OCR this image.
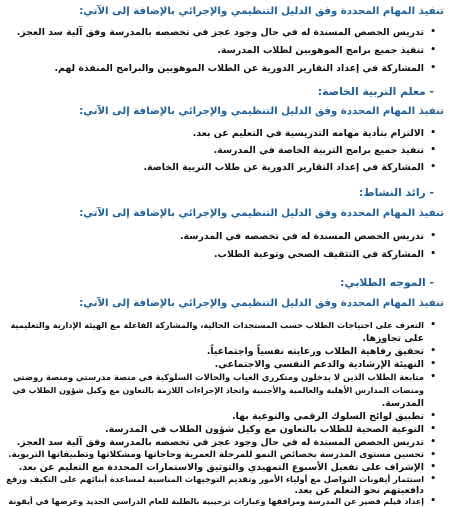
تنفيذ المهام المحددة وفق الدليل التنظيمي والإجرائي بالإضافة إلى الآتي:
•
تدريس الحصص المسندة له في حال وجود عجز في تخصصه بالمدرسة وفق آلية سد العجز.
•
تنفيذ جميع برامج الموهوبين لطلاب المدرسة.
•
المشاركة في إعداد التقارير الدورية عن الطلاب الموهوبين والبرامج المنفذة لهم.
- معلم التربية الخاصة:
تنفيذ المهام المحددة وفق الدليل التنظيمي والإجرائي بالإضافة إلى الآتي:
•
الالتزام بتأدية مهامه التدريسية في التعليم عن بعد.
•
تنفيذ جميع برامج التربية الخاصة في المدرسة.
•
المشاركة في إعداد التقارير الدورية عن طلاب التربية الخاصة.
- رائد النشاط:
تنفيذ المهام المحددة وفق الدليل التنظيمي والإجرائي بالإضافة إلى الآتي:
•
تدريس الحصص المسندة له في تخصصه في المدرسة.
•
المشاركة في التثقيف الصحي وتوعية الطلاب.
- الموجه الطلابي:
تنفيذ المهام المحددة وفق الدليل التنظيمي والإجرائي بالإضافة إلى الآتي:
•
التعرف على احتياجات الطلاب حسب المستجدات الحالية، والمشاركة الفاعلة مع الهيئة الإدارية والتعليمية
على تجاوزها.
•
تحقيق رفاهية الطلاب ورعايته نفسياً واجتماعياً.
•
التهيئة الإرشادية والدعم النفسي والاجتماعي.
•
متابعة الطلاب الذين لا يدخلون ومتكرري الغياب والحالات السلوكية في منصة مدرستي ومنصة روضتي
ومنصات المدارس الأهلية والعالمية والأجنبية واتخاذ الإجراءات اللازمة بالتعاون مع وكيل شؤون الطلاب في
المدرسة.
•
تطبيق لوائح السلوك الرقمي والتوعية بها.
•
التوعية الصحية للطلاب بالتعاون مع وكيل شؤون الطلاب في المدرسة.
•
تدريس الحصص المسندة له في حال وجود عجز في تخصصه بالمدرسة وفق آلية سد العجز.
•
تحسين مستوى المدرسة بخصائص النمو للمرحلة العمرية وحاجاتها ومشكلاتها وتطبيقاتها التربوية.
•
الإشراف على تفعيل الأسبوع التمهيدي والتوثيق والاستمارات المحددة مع التعليم عن بعد.
•
استثمار أيقونات التواصل مع أولياء الأمور وتقديم التوجيهات المناسبة لمساعدة أبنائهم على التكيف ورفع
دافعيتهم نحو التعلم عن بعد.
•
إعداد فيلم قصير عن المدرسة ومرافقها وعبارات ترحيبية بالطلبة للعام الدراسي الجديد وعرضها في أيقونة
